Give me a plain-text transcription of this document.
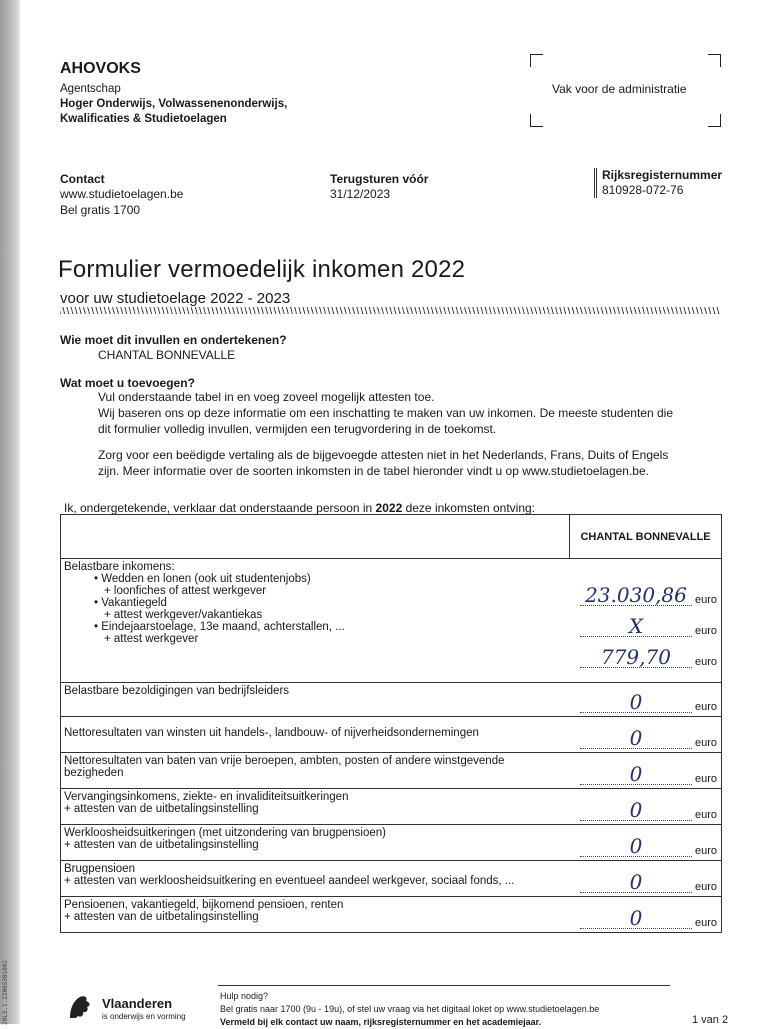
20L3.1.22065301002
AHOVOKS
Agentschap
Hoger Onderwijs, Volwassenenonderwijs,
Kwalificaties & Studietoelagen
Vak voor de administratie
Contact
www.studietoelagen.be
Bel gratis 1700
Terugsturen vóór
31/12/2023
Rijksregisternummer
810928-072-76
Formulier vermoedelijk inkomen 2022
voor uw studietoelage 2022 - 2023
Wie moet dit invullen en ondertekenen?
CHANTAL BONNEVALLE
Wat moet u toevoegen?
Vul onderstaande tabel in en voeg zoveel mogelijk attesten toe.
Wij baseren ons op deze informatie om een inschatting te maken van uw inkomen. De meeste studenten die
dit formulier volledig invullen, vermijden een terugvordering in de toekomst.
Zorg voor een beëdigde vertaling als de bijgevoegde attesten niet in het Nederlands, Frans, Duits of Engels
zijn. Meer informatie over de soorten inkomsten in de tabel hieronder vindt u op www.studietoelagen.be.
Ik, ondergetekende, verklaar dat onderstaande persoon in 2022 deze inkomsten ontving:
	CHANTAL BONNEVALLE

Belastbare inkomens:
• Wedden en lonen (ook uit studentenjobs)
+ loonfiches of attest werkgever
• Vakantiegeld
+ attest werkgever/vakantiekas
• Eindejaarstoelage, 13e maand, achterstallen, ...
+ attest werkgever
23.030,86 euro
X	euro
779,70	euro

Belastbare bezoldigingen van bedrijfsleiders	0	euro

Nettoresultaten van winsten uit handels-, landbouw- of nijverheidsondernemingen	0	euro

Nettoresultaten van baten van vrije beroepen, ambten, posten of andere winstgevende
bezigheden	0	euro

Vervangingsinkomens, ziekte- en invaliditeitsuitkeringen
+ attesten van de uitbetalingsinstelling	0	euro

Werkloosheidsuitkeringen (met uitzondering van brugpensioen)
+ attesten van de uitbetalingsinstelling	0	euro

Brugpensioen
+ attesten van werkloosheidsuitkering en eventueel aandeel werkgever, sociaal fonds, ...	0	euro

Pensioenen, vakantiegeld, bijkomend pensioen, renten
+ attesten van de uitbetalingsinstelling	0	euro
Vlaanderen
is onderwijs en vorming
Hulp nodig?
Bel gratis naar 1700 (9u - 19u), of stel uw vraag via het digitaal loket op www.studietoelagen.be
Vermeld bij elk contact uw naam, rijksregisternummer en het academiejaar.	1 van 2
